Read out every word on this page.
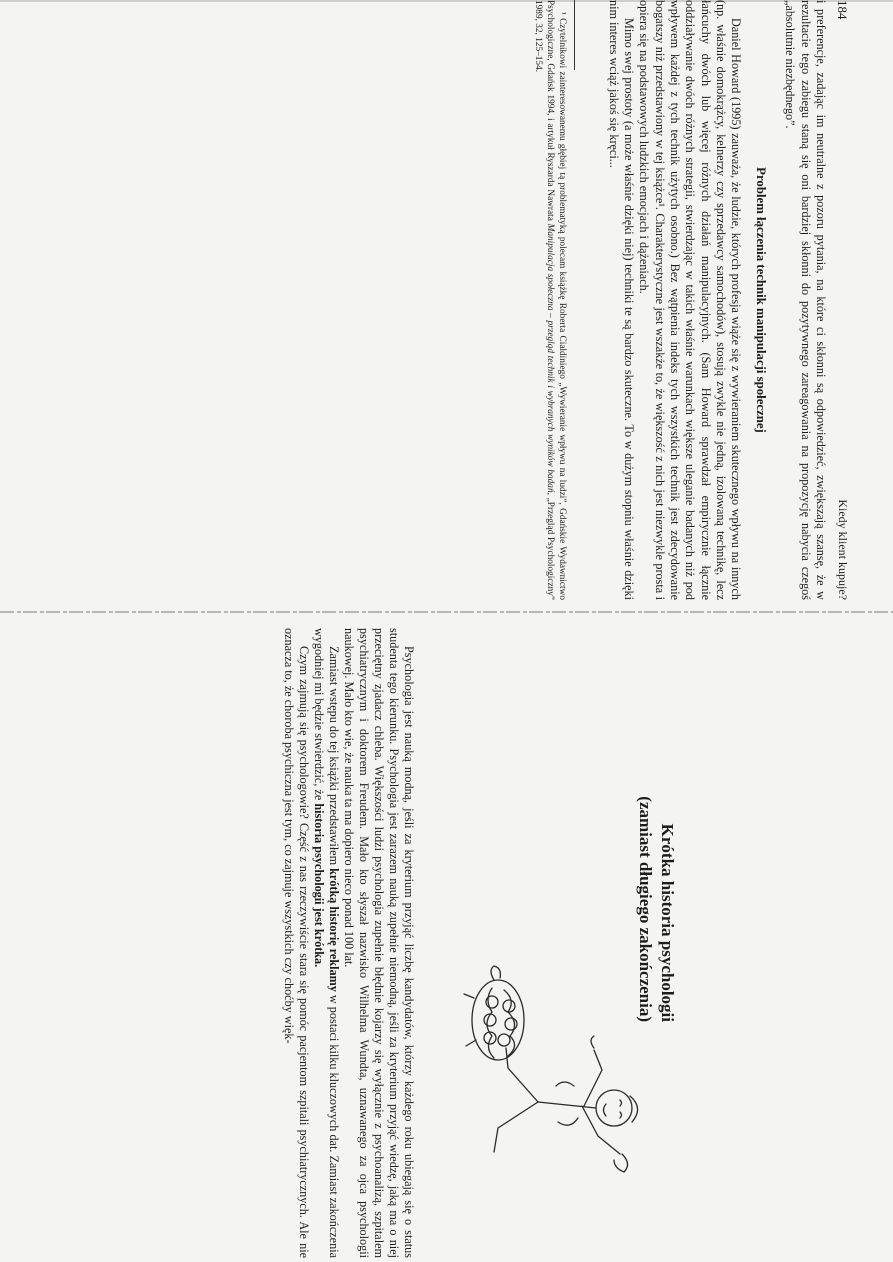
184
Kiedy klient kupuje?

i preferencje, zadając im neutralne z pozoru pytania, na które ci skłonni są odpowiedzieć, zwiększają szansę, że w rezultacie tego zabiegu staną się oni bardziej skłonni do pozytywnego zareagowania na propozycję nabycia czegoś „absolutnie niezbędnego”.

Problem łączenia technik manipulacji społecznej

Daniel Howard (1995) zauważa, że ludzie, których profesja wiąże się z wywieraniem skutecznego wpływu na innych (np. właśnie domokrążcy, kelnerzy czy sprzedawcy samochodów), stosują zwykle nie jedną, izolowaną technikę, lecz łańcuchy dwóch lub więcej różnych działań manipulacyjnych. (Sam Howard sprawdzał empirycznie łącznie oddziaływanie dwóch różnych strategii, stwierdzając w takich właśnie warunkach większe uleganie badanych niż pod wpływem każdej z tych technik użytych osobno.) Bez wątpienia indeks tych wszystkich technik jest zdecydowanie bogatszy niż przedstawiony w tej książce¹. Charakterystyczne jest wszakże to, że większość z nich jest niezwykle prosta i opiera się na podstawowych ludzkich emocjach i dążeniach.

Mimo swej prostoty (a może właśnie dzięki niej) techniki te są bardzo skuteczne. To w dużym stopniu właśnie dzięki nim interes wciąż jakoś się kręci...

¹ Czytelnikowi zainteresowanemu głębiej tą problematyką polecam książkę Roberta Cialdiniego „Wywieranie wpływu na ludzi”, Gdańskie Wydawnictwo Psychologiczne, Gdańsk 1994, i artykuł Ryszarda Nawrata Manipulacja społeczna – przegląd technik i wybranych wyników badań, „Przegląd Psychologiczny” 1989, 32, 125–154.
Krótka historia psychologii
(zamiast długiego zakończenia)

Psychologia jest nauką modną, jeśli za kryterium przyjąć liczbę kandydatów, którzy każdego roku ubiegają się o status studenta tego kierunku. Psychologia jest zarazem nauką zupełnie niemodną, jeśli za kryterium przyjąć wiedzę, jaką ma o niej przeciętny zjadacz chleba. Większości ludzi psychologia zupełnie błędnie kojarzy się wyłącznie z psychoanalizą, szpitalem psychiatrycznym i doktorem Freudem. Mało kto słyszał nazwisko Wilhelma Wundta, uznawanego za ojca psychologii naukowej. Mało kto wie, że nauka ta ma dopiero nieco ponad 100 lat.

Zamiast wstępu do tej książki przedstawiłem krótką historię reklamy w postaci kilku kluczowych dat. Zamiast zakończenia wygodniej mi będzie stwierdzić, że historia psychologii jest krótka.

Czym zajmują się psychologowie? Część z nas rzeczywiście stara się pomóc pacjentom szpitali psychiatrycznych. Ale nie oznacza to, że choroba psychiczna jest tym, co zajmuje wszystkich czy choćby więk-
